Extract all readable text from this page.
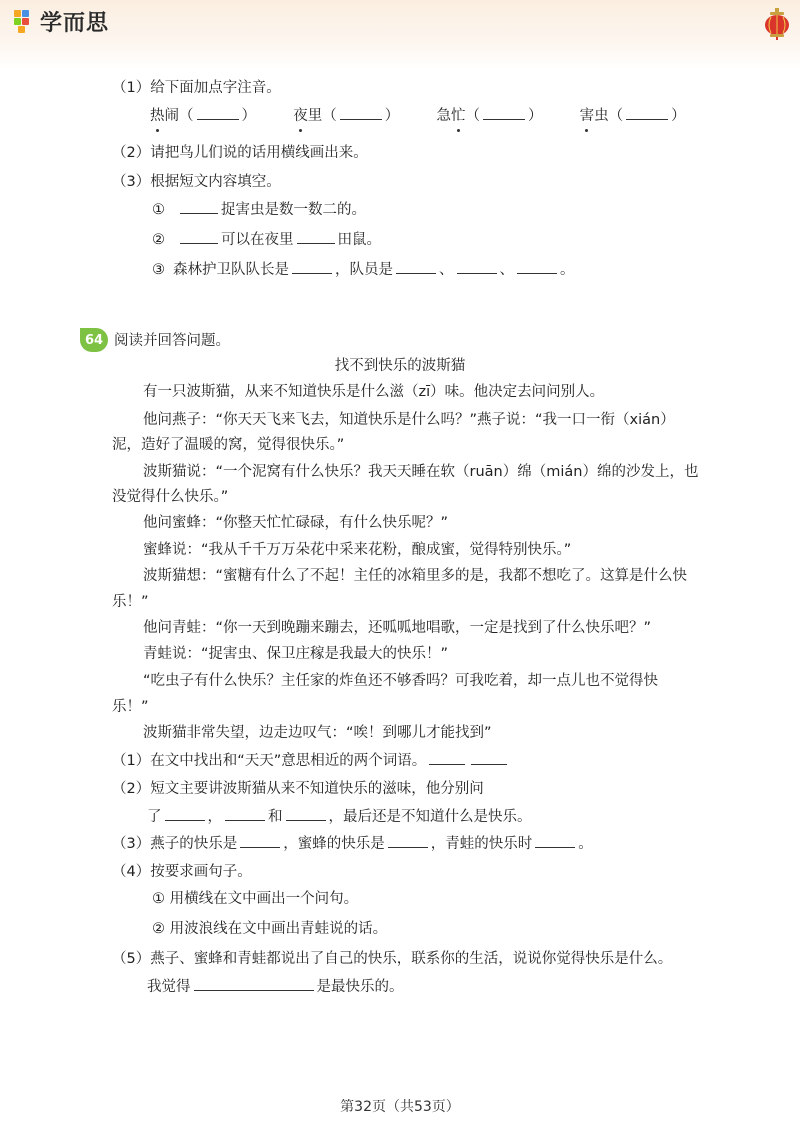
学而思
（1）给下面加点字注音。
热闹（	）	夜里（	）	急忙（	）	害虫（	）
（2）请把鸟儿们说的话用横线画出来。
（3）根据短文内容填空。
①	捉害虫是数一数二的。
②	可以在夜里	田鼠。
③ 森林护卫队队长是	，队员是	、	、	。
64 阅读并回答问题。
找不到快乐的波斯猫
有一只波斯猫，从来不知道快乐是什么滋（zī）味。他决定去问问别人。
他问燕子：“你天天飞来飞去，知道快乐是什么吗？”燕子说：“我一口一衔（xián）
泥，造好了温暖的窝，觉得很快乐。”
波斯猫说：“一个泥窝有什么快乐？我天天睡在软（ruān）绵（mián）绵的沙发上，也
没觉得什么快乐。”
他问蜜蜂：“你整天忙忙碌碌，有什么快乐呢？”
蜜蜂说：“我从千千万万朵花中采来花粉，酿成蜜，觉得特别快乐。”
波斯猫想：“蜜糖有什么了不起！主任的冰箱里多的是，我都不想吃了。这算是什么快
乐！”
他问青蛙：“你一天到晚蹦来蹦去，还呱呱地唱歌，一定是找到了什么快乐吧？”
青蛙说：“捉害虫、保卫庄稼是我最大的快乐！”
“吃虫子有什么快乐？主任家的炸鱼还不够香吗？可我吃着，却一点儿也不觉得快
乐！”
波斯猫非常失望，边走边叹气：“唉！到哪儿才能找到”
（1）在文中找出和“天天”意思相近的两个词语。
（2）短文主要讲波斯猫从来不知道快乐的滋味，他分别问
了	，	和	，最后还是不知道什么是快乐。
（3）燕子的快乐是	，蜜蜂的快乐是	，青蛙的快乐时	。
（4）按要求画句子。
① 用横线在文中画出一个问句。
② 用波浪线在文中画出青蛙说的话。
（5）燕子、蜜蜂和青蛙都说出了自己的快乐，联系你的生活，说说你觉得快乐是什么。
我觉得	是最快乐的。
第32页（共53页）
